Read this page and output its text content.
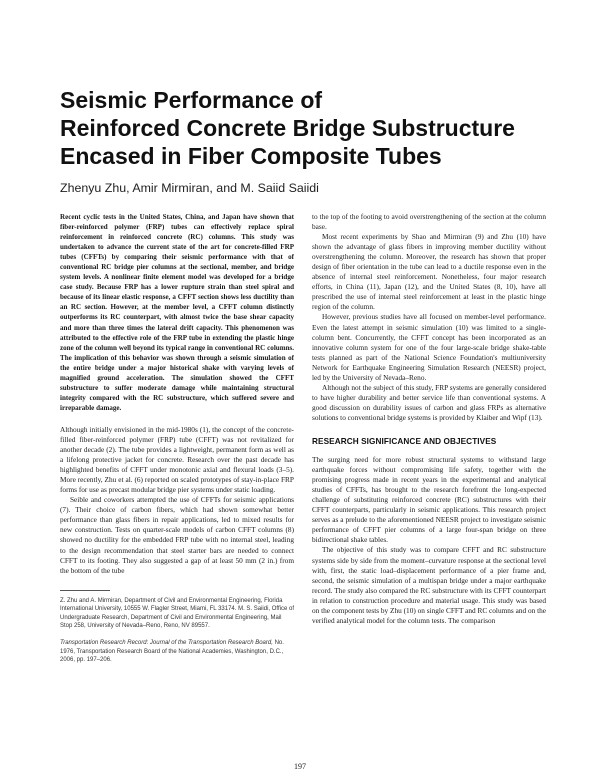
Seismic Performance of
Reinforced Concrete Bridge Substructure
Encased in Fiber Composite Tubes
Zhenyu Zhu, Amir Mirmiran, and M. Saiid Saiidi

Recent cyclic tests in the United States, China, and Japan have shown that fiber-reinforced polymer (FRP) tubes can effectively replace spiral reinforcement in reinforced concrete (RC) columns. This study was undertaken to advance the current state of the art for concrete-filled FRP tubes (CFFTs) by comparing their seismic performance with that of conventional RC bridge pier columns at the sectional, member, and bridge system levels. A nonlinear finite element model was developed for a bridge case study. Because FRP has a lower rupture strain than steel spiral and because of its linear elastic response, a CFFT section shows less ductility than an RC section. However, at the member level, a CFFT column distinctly outperforms its RC counterpart, with almost twice the base shear capacity and more than three times the lateral drift capacity. This phenomenon was attributed to the effective role of the FRP tube in extending the plastic hinge zone of the column well beyond its typical range in conventional RC columns. The implication of this behavior was shown through a seismic simulation of the entire bridge under a major historical shake with varying levels of magnified ground acceleration. The simulation showed the CFFT substructure to suffer moderate damage while maintaining structural integrity compared with the RC substructure, which suffered severe and irreparable damage.

Although initially envisioned in the mid-1980s (1), the concept of the concrete-filled fiber-reinforced polymer (FRP) tube (CFFT) was not revitalized for another decade (2). The tube provides a lightweight, permanent form as well as a lifelong protective jacket for concrete. Research over the past decade has highlighted benefits of CFFT under monotonic axial and flexural loads (3–5). More recently, Zhu et al. (6) reported on scaled prototypes of stay-in-place FRP forms for use as precast modular bridge pier systems under static loading.

Seible and coworkers attempted the use of CFFTs for seismic applications (7). Their choice of carbon fibers, which had shown somewhat better performance than glass fibers in repair applications, led to mixed results for new construction. Tests on quarter-scale models of carbon CFFT columns (8) showed no ductility for the embedded FRP tube with no internal steel, leading to the design recommendation that steel starter bars are needed to connect CFFT to its footing. They also suggested a gap of at least 50 mm (2 in.) from the bottom of the tube

Z. Zhu and A. Mirmiran, Department of Civil and Environmental Engineering, Florida International University, 10555 W. Flagler Street, Miami, FL 33174. M. S. Saiidi, Office of Undergraduate Research, Department of Civil and Environmental Engineering, Mail Stop 258, University of Nevada–Reno, Reno, NV 89557.
Transportation Research Record: Journal of the Transportation Research Board, No. 1976, Transportation Research Board of the National Academies, Washington, D.C., 2006, pp. 197–206.

to the top of the footing to avoid overstrengthening of the section at the column base.

Most recent experiments by Shao and Mirmiran (9) and Zhu (10) have shown the advantage of glass fibers in improving member ductility without overstrengthening the column. Moreover, the research has shown that proper design of fiber orientation in the tube can lead to a ductile response even in the absence of internal steel reinforcement. Nonetheless, four major research efforts, in China (11), Japan (12), and the United States (8, 10), have all prescribed the use of internal steel reinforcement at least in the plastic hinge region of the column.

However, previous studies have all focused on member-level performance. Even the latest attempt in seismic simulation (10) was limited to a single-column bent. Concurrently, the CFFT concept has been incorporated as an innovative column system for one of the four large-scale bridge shake-table tests planned as part of the National Science Foundation's multiuniversity Network for Earthquake Engineering Simulation Research (NEESR) project, led by the University of Nevada–Reno.

Although not the subject of this study, FRP systems are generally considered to have higher durability and better service life than conventional systems. A good discussion on durability issues of carbon and glass FRPs as alternative solutions to conventional bridge systems is provided by Klaiber and Wipf (13).

RESEARCH SIGNIFICANCE AND OBJECTIVES

The surging need for more robust structural systems to withstand large earthquake forces without compromising life safety, together with the promising progress made in recent years in the experimental and analytical studies of CFFTs, has brought to the research forefront the long-expected challenge of substituting reinforced concrete (RC) substructures with their CFFT counterparts, particularly in seismic applications. This research project serves as a prelude to the aforementioned NEESR project to investigate seismic performance of CFFT pier columns of a large four-span bridge on three bidirectional shake tables.

The objective of this study was to compare CFFT and RC substructure systems side by side from the moment–curvature response at the sectional level with, first, the static load–displacement performance of a pier frame and, second, the seismic simulation of a multispan bridge under a major earthquake record. The study also compared the RC substructure with its CFFT counterpart in relation to construction procedure and material usage. This study was based on the component tests by Zhu (10) on single CFFT and RC columns and on the verified analytical model for the column tests. The comparison

197
